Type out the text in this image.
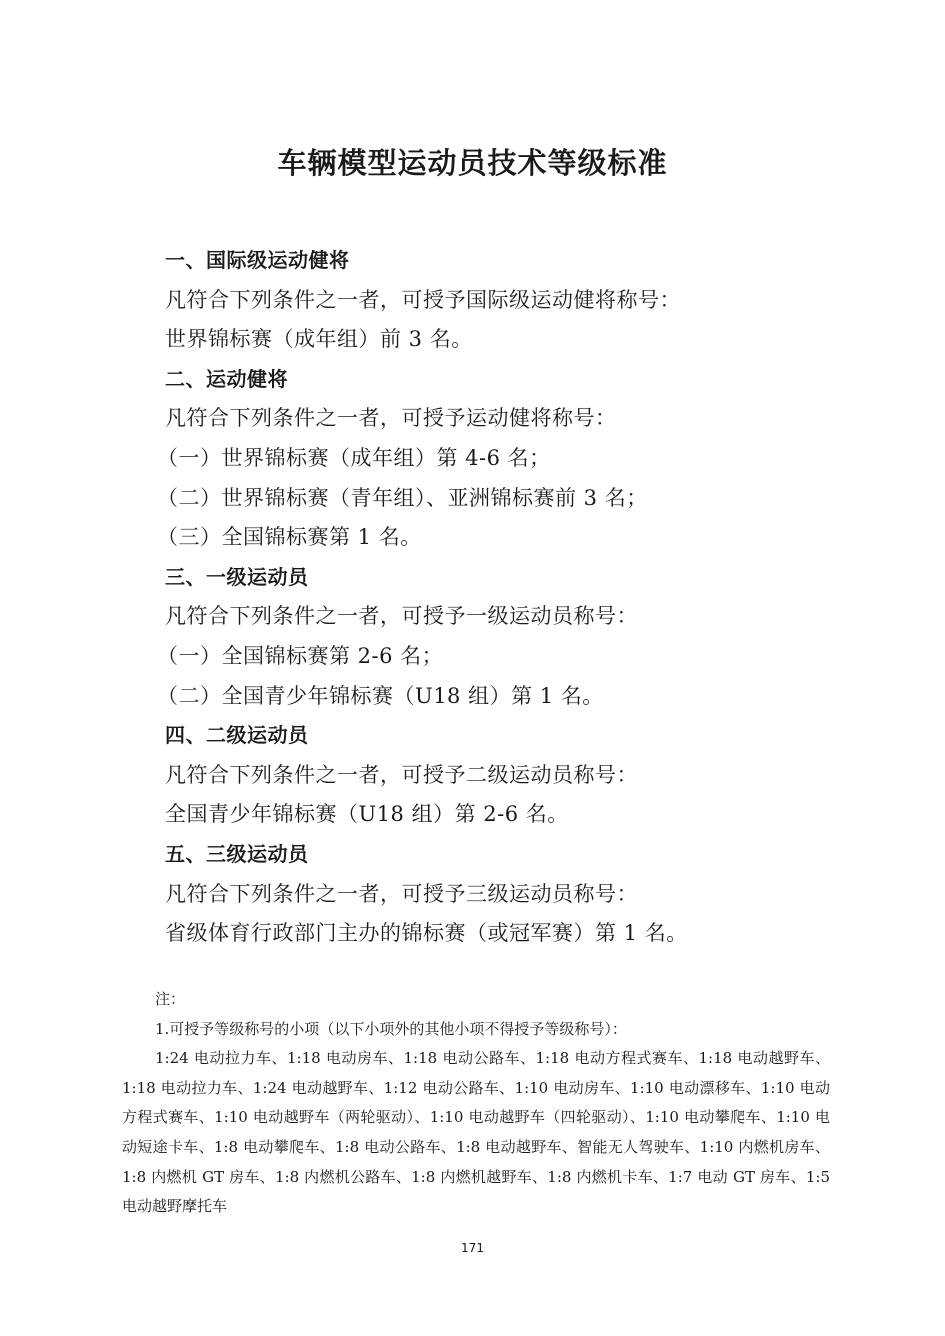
车辆模型运动员技术等级标准
一、国际级运动健将
凡符合下列条件之一者，可授予国际级运动健将称号：
世界锦标赛（成年组）前 3 名。
二、运动健将
凡符合下列条件之一者，可授予运动健将称号：
（一）世界锦标赛（成年组）第 4-6 名；
（二）世界锦标赛（青年组）、亚洲锦标赛前 3 名；
（三）全国锦标赛第 1 名。
三、一级运动员
凡符合下列条件之一者，可授予一级运动员称号：
（一）全国锦标赛第 2-6 名；
（二）全国青少年锦标赛（U18 组）第 1 名。
四、二级运动员
凡符合下列条件之一者，可授予二级运动员称号：
全国青少年锦标赛（U18 组）第 2-6 名。
五、三级运动员
凡符合下列条件之一者，可授予三级运动员称号：
省级体育行政部门主办的锦标赛（或冠军赛）第 1 名。
注：
1.可授予等级称号的小项（以下小项外的其他小项不得授予等级称号）：

1:24 电动拉力车、1:18 电动房车、1:18 电动公路车、1:18 电动方程式赛车、1:18 电动越野车、1:18 电动拉力车、1:24 电动越野车、1:12 电动公路车、1:10 电动房车、1:10 电动漂移车、1:10 电动方程式赛车、1:10 电动越野车（两轮驱动）、1:10 电动越野车（四轮驱动）、1:10 电动攀爬车、1:10 电动短途卡车、1:8 电动攀爬车、1:8 电动公路车、1:8 电动越野车、智能无人驾驶车、1:10 内燃机房车、1:8 内燃机 GT 房车、1:8 内燃机公路车、1:8 内燃机越野车、1:8 内燃机卡车、1:7 电动 GT 房车、1:5 电动越野摩托车

171
